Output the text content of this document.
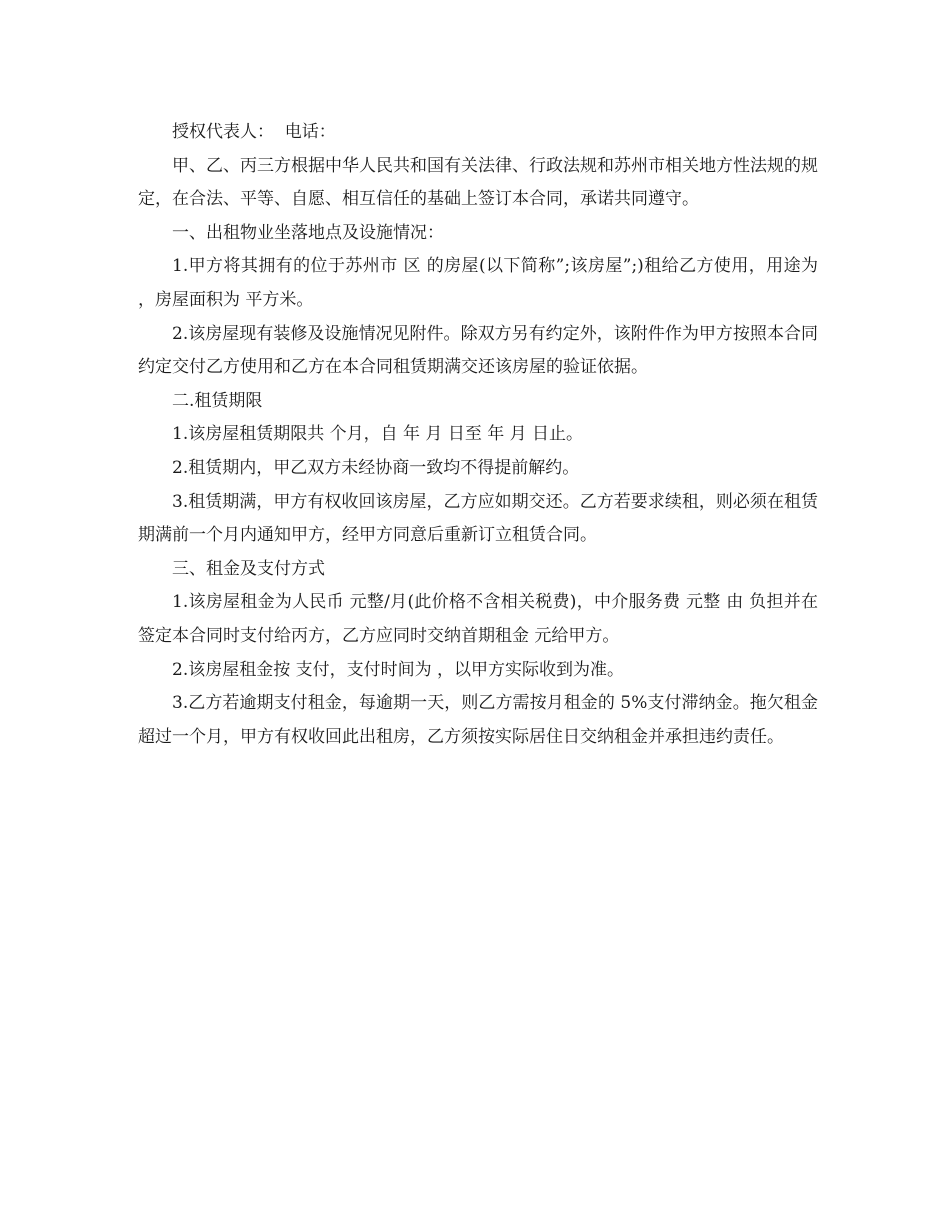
授权代表人：  电话：

甲、乙、丙三方根据中华人民共和国有关法律、行政法规和苏州市相关地方性法规的规定，在合法、平等、自愿、相互信任的基础上签订本合同，承诺共同遵守。

一、出租物业坐落地点及设施情况：

1.甲方将其拥有的位于苏州市 区 的房屋(以下简称”;该房屋”;)租给乙方使用，用途为 ，房屋面积为 平方米。

2.该房屋现有装修及设施情况见附件。除双方另有约定外，该附件作为甲方按照本合同约定交付乙方使用和乙方在本合同租赁期满交还该房屋的验证依据。

二.租赁期限

1.该房屋租赁期限共 个月，自 年 月 日至 年 月 日止。

2.租赁期内，甲乙双方未经协商一致均不得提前解约。

3.租赁期满，甲方有权收回该房屋，乙方应如期交还。乙方若要求续租，则必须在租赁期满前一个月内通知甲方，经甲方同意后重新订立租赁合同。

三、租金及支付方式

1.该房屋租金为人民币 元整/月(此价格不含相关税费)，中介服务费 元整 由 负担并在签定本合同时支付给丙方，乙方应同时交纳首期租金 元给甲方。

2.该房屋租金按 支付，支付时间为 ，以甲方实际收到为准。

3.乙方若逾期支付租金，每逾期一天，则乙方需按月租金的 5%支付滞纳金。拖欠租金超过一个月，甲方有权收回此出租房，乙方须按实际居住日交纳租金并承担违约责任。
